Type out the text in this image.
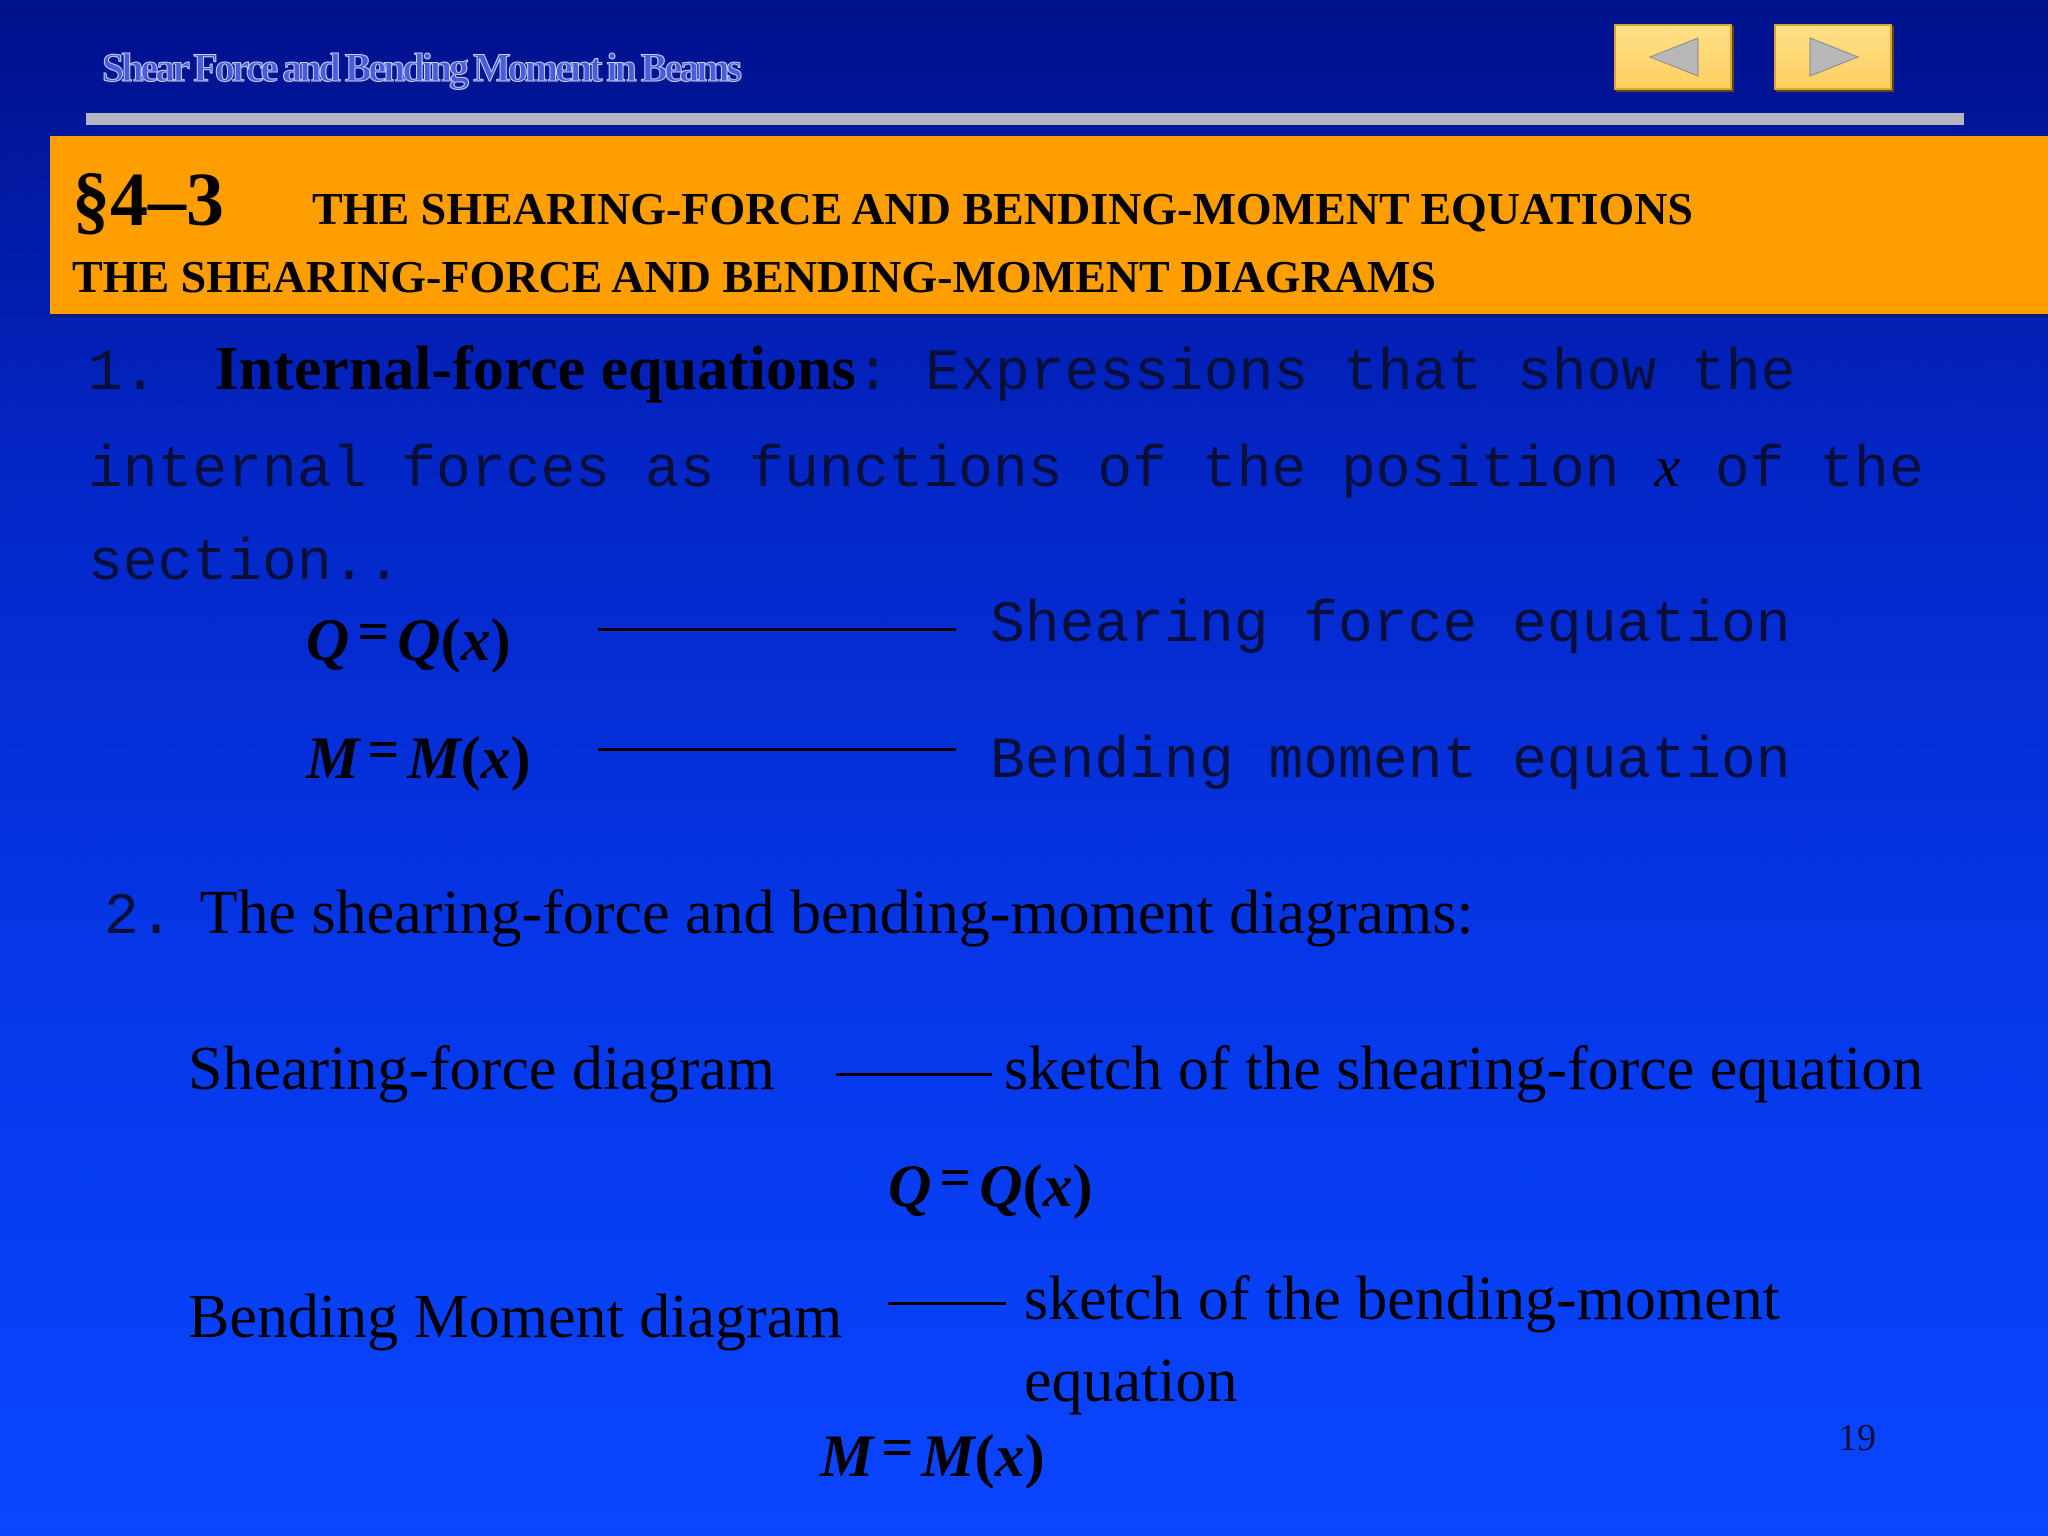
Shear Force and Bending Moment in Beams
§4–3 THE SHEARING-FORCE AND BENDING-MOMENT EQUATIONS
THE SHEARING-FORCE AND BENDING-MOMENT DIAGRAMS
1. Internal-force equations: Expressions that show the
internal forces as functions of the position x of the
section..
Q = Q(x)	Shearing force equation
M = M(x)	Bending moment equation
2. The shearing-force and bending-moment diagrams:
Shearing-force diagram	sketch of the shearing-force equation
Q = Q(x)
Bending Moment diagram	sketch of the bending-moment
equation
M = M(x)	19
